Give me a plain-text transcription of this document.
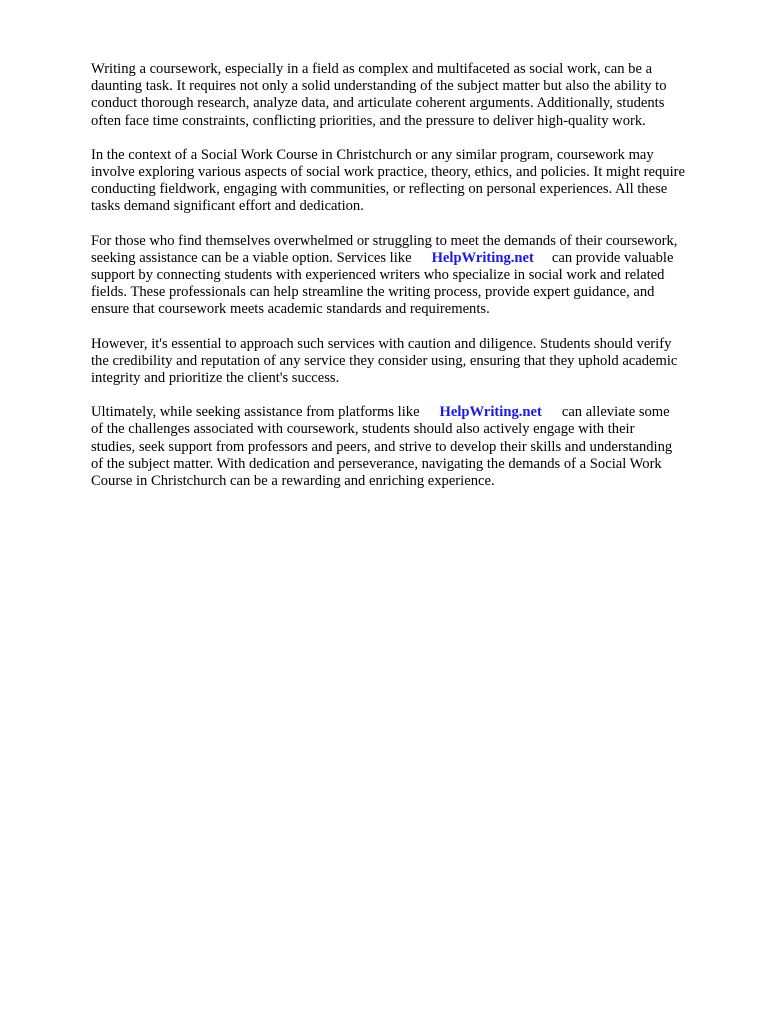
Writing a coursework, especially in a field as complex and multifaceted as social work, can be a
daunting task. It requires not only a solid understanding of the subject matter but also the ability to
conduct thorough research, analyze data, and articulate coherent arguments. Additionally, students
often face time constraints, conflicting priorities, and the pressure to deliver high-quality work.

In the context of a Social Work Course in Christchurch or any similar program, coursework may
involve exploring various aspects of social work practice, theory, ethics, and policies. It might require
conducting fieldwork, engaging with communities, or reflecting on personal experiences. All these
tasks demand significant effort and dedication.

For those who find themselves overwhelmed or struggling to meet the demands of their coursework,
seeking assistance can be a viable option. Services like HelpWriting.net can provide valuable
support by connecting students with experienced writers who specialize in social work and related
fields. These professionals can help streamline the writing process, provide expert guidance, and
ensure that coursework meets academic standards and requirements.

However, it's essential to approach such services with caution and diligence. Students should verify
the credibility and reputation of any service they consider using, ensuring that they uphold academic
integrity and prioritize the client's success.

Ultimately, while seeking assistance from platforms like HelpWriting.net can alleviate some
of the challenges associated with coursework, students should also actively engage with their
studies, seek support from professors and peers, and strive to develop their skills and understanding
of the subject matter. With dedication and perseverance, navigating the demands of a Social Work
Course in Christchurch can be a rewarding and enriching experience.
